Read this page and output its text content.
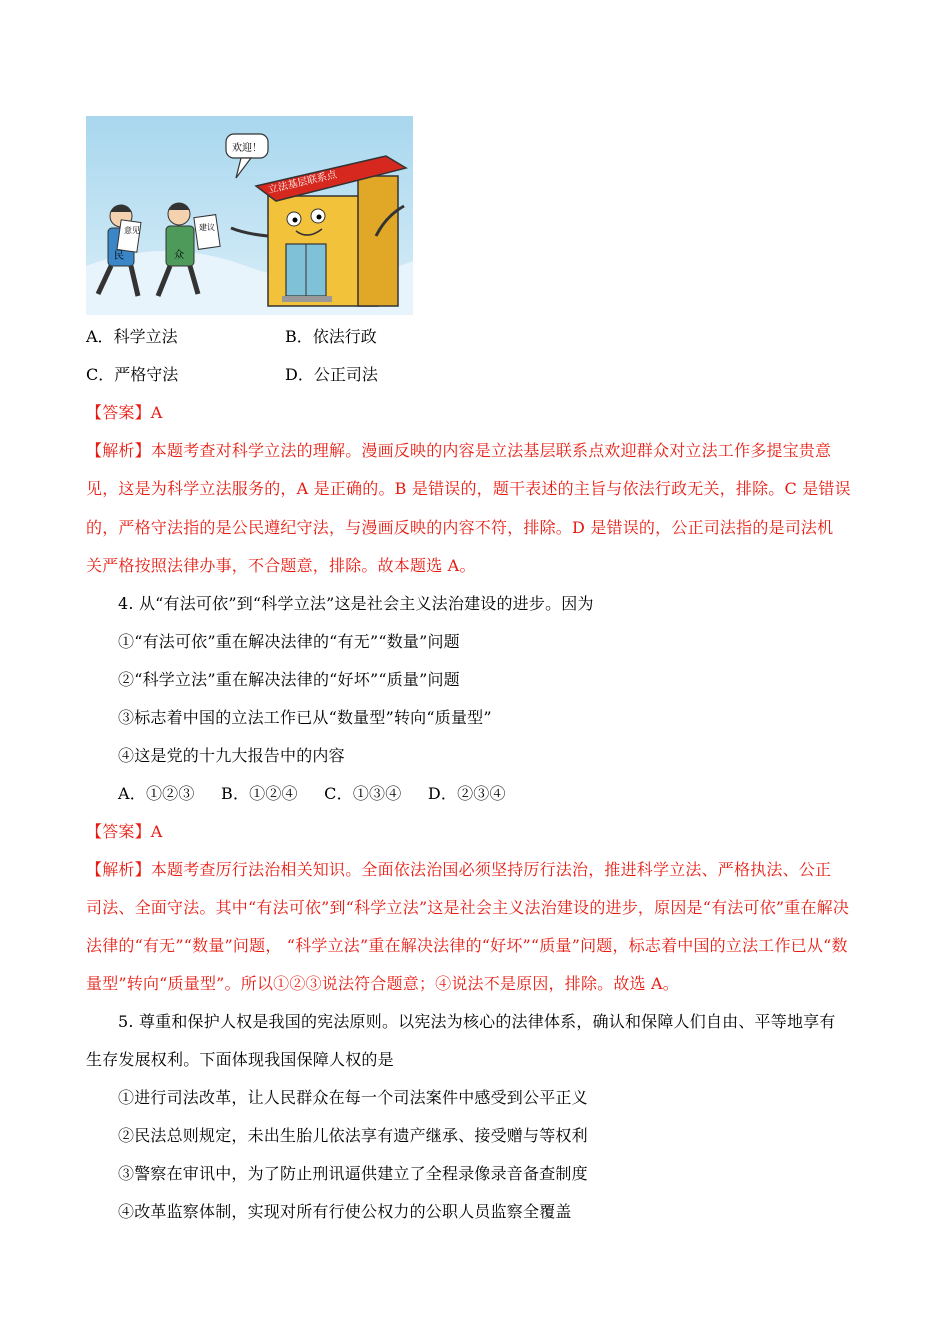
立法基层联系点
欢迎！
民
意见
众
建议
A．科学立法	B．依法行政
C．严格守法	D．公正司法
【答案】A
【解析】本题考查对科学立法的理解。漫画反映的内容是立法基层联系点欢迎群众对立法工作多提宝贵意
见，这是为科学立法服务的，A 是正确的。B 是错误的，题干表述的主旨与依法行政无关，排除。C 是错误
的，严格守法指的是公民遵纪守法，与漫画反映的内容不符，排除。D 是错误的，公正司法指的是司法机
关严格按照法律办事，不合题意，排除。故本题选 A。
4. 从“有法可依”到“科学立法”这是社会主义法治建设的进步。因为
①“有法可依”重在解决法律的“有无”“数量”问题
②“科学立法”重在解决法律的“好坏”“质量”问题
③标志着中国的立法工作已从“数量型”转向“质量型”
④这是党的十九大报告中的内容
A．①②③     B．①②④     C．①③④     D．②③④
【答案】A
【解析】本题考查厉行法治相关知识。全面依法治国必须坚持厉行法治，推进科学立法、严格执法、公正
司法、全面守法。其中“有法可依”到“科学立法”这是社会主义法治建设的进步，原因是“有法可依”重在解决
法律的“有无”“数量”问题， “科学立法”重在解决法律的“好坏”“质量”问题，标志着中国的立法工作已从“数
量型”转向“质量型”。所以①②③说法符合题意；④说法不是原因，排除。故选 A。
5. 尊重和保护人权是我国的宪法原则。以宪法为核心的法律体系，确认和保障人们自由、平等地享有
生存发展权利。下面体现我国保障人权的是
①进行司法改革，让人民群众在每一个司法案件中感受到公平正义
②民法总则规定，未出生胎儿依法享有遗产继承、接受赠与等权利
③警察在审讯中，为了防止刑讯逼供建立了全程录像录音备查制度
④改革监察体制，实现对所有行使公权力的公职人员监察全覆盖
